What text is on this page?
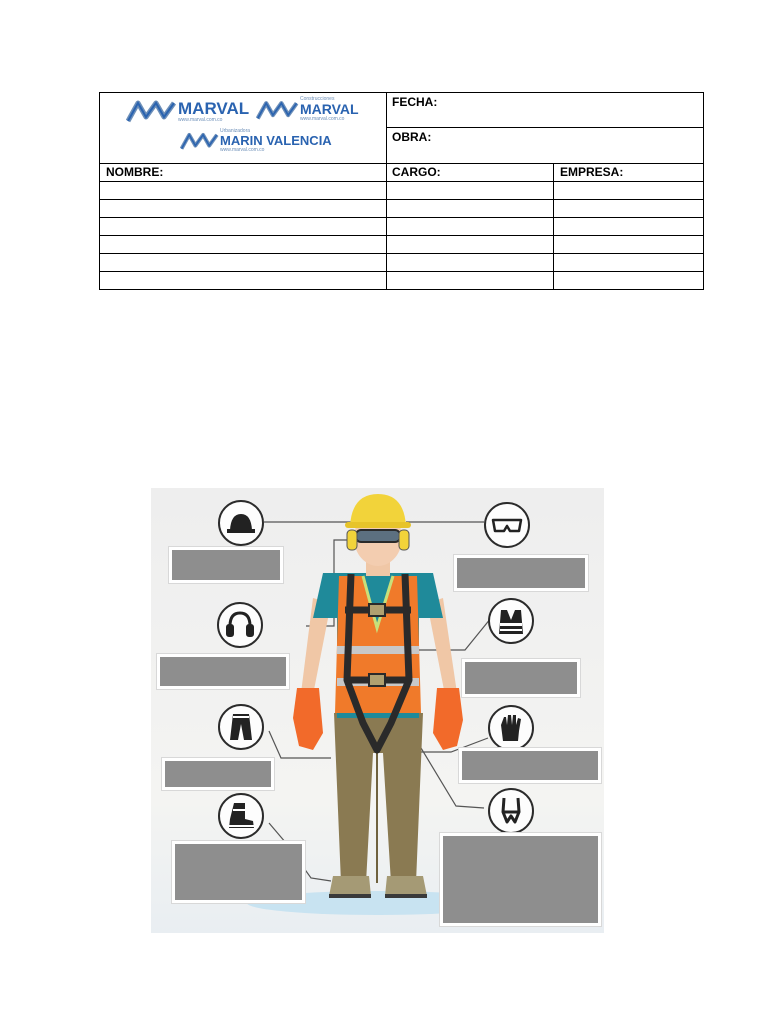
MARVAL
www.marval.com.co
Construcciones
MARVAL
www.marval.com.co
Urbanizadora
MARIN VALENCIA
www.marval.com.co
FECHA:
OBRA:
NOMBRE:	CARGO:	EMPRESA:
